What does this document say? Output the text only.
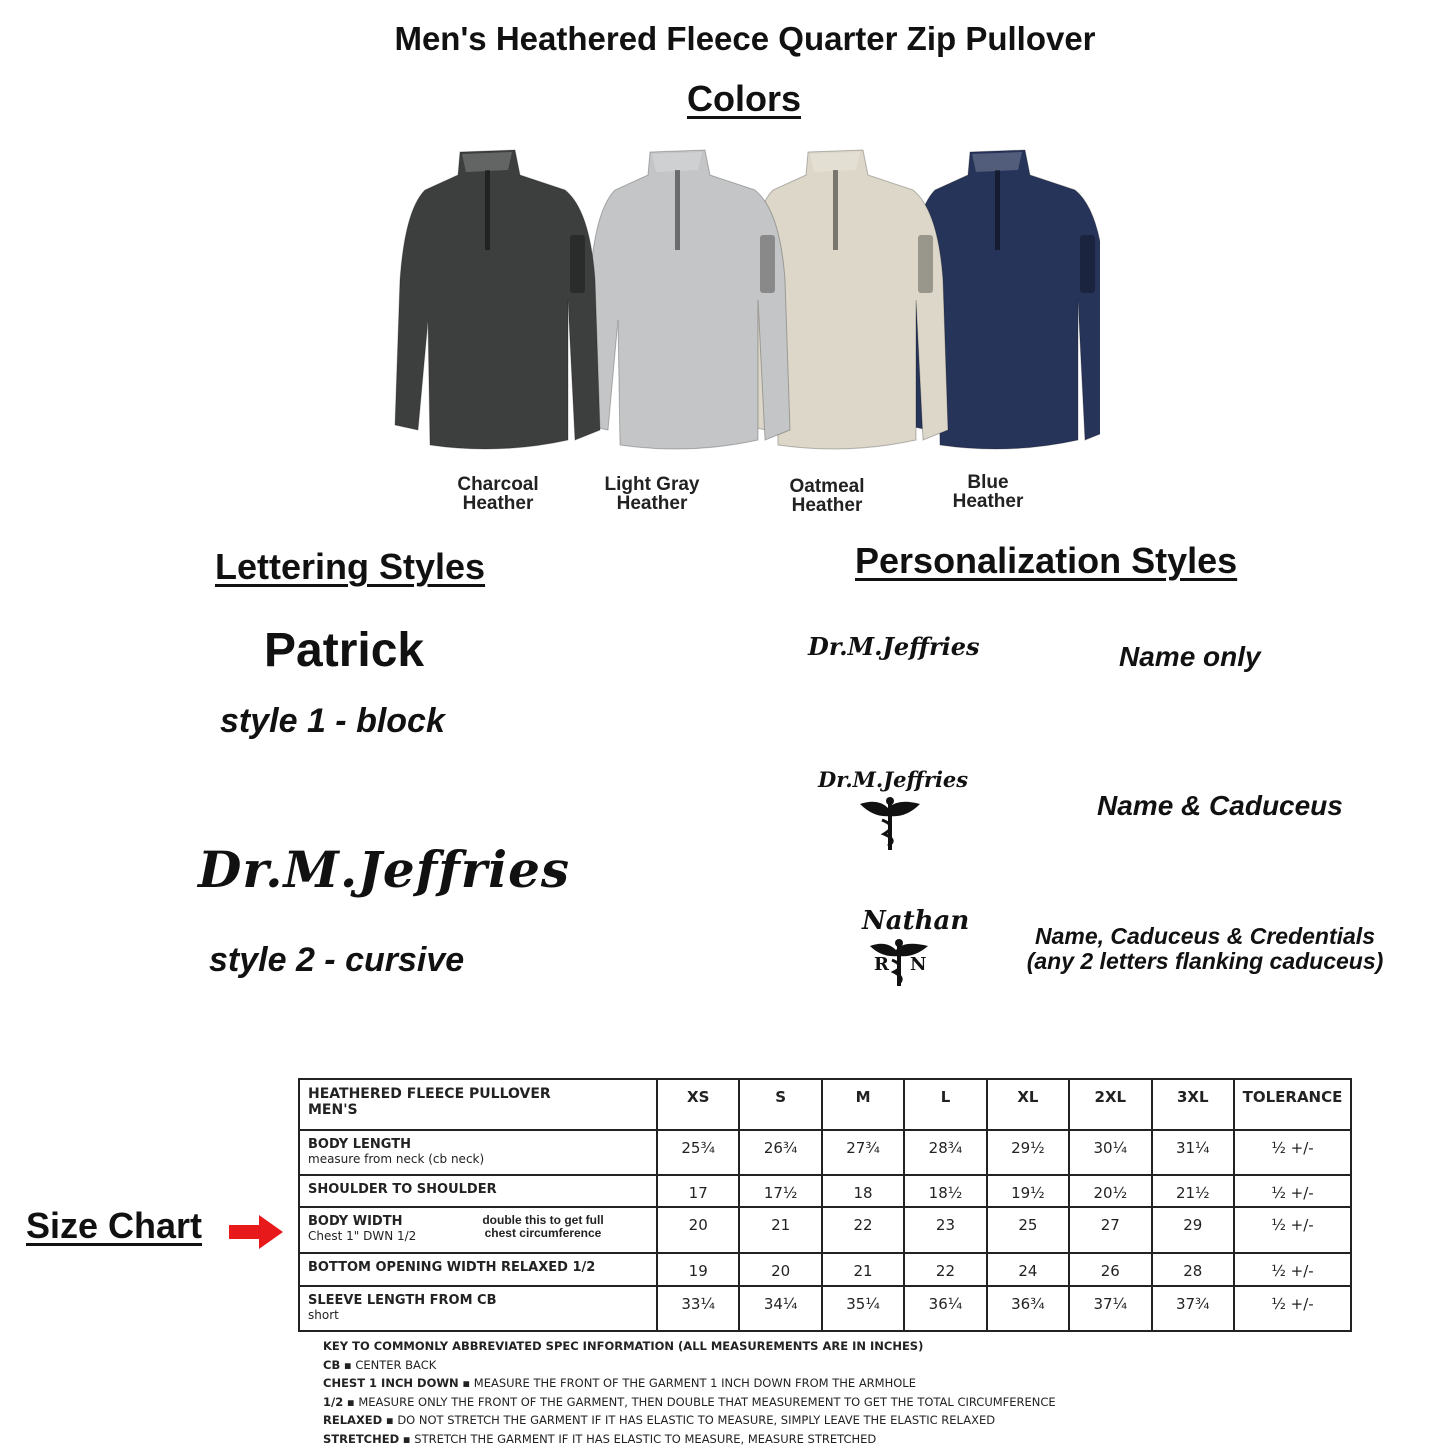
Men's Heathered Fleece Quarter Zip Pullover
Colors
Charcoal
Heather
Light Gray
Heather
Oatmeal
Heather
Blue
Heather
Lettering Styles
Patrick
style 1 - block
Dr.M.Jeffries
style 2 - cursive
Personalization Styles
Dr.M.Jeffries	Name only
Dr.M.Jeffries
Name & Caduceus
Nathan
R N
Name, Caduceus & Credentials
(any 2 letters flanking caduceus)
Size Chart
HEATHERED FLEECE PULLOVER
MEN'S	XS	S	M	L	XL	2XL	3XL	TOLERANCE

BODY LENGTH
measure from neck (cb neck)	25¾	26¾	27¾	28¾	29½	30¼	31¼	½ +/-

SHOULDER TO SHOULDER	17	17½	18	18½	19½	20½	21½	½ +/-

BODY WIDTH
Chest 1" DWN 1/2
double this to get full chest circumference	20	21	22	23	25	27	29	½ +/-

BOTTOM OPENING WIDTH RELAXED 1/2	19	20	21	22	24	26	28	½ +/-

SLEEVE LENGTH FROM CB
short	33¼	34¼	35¼	36¼	36¾	37¼	37¾	½ +/-
KEY TO COMMONLY ABBREVIATED SPEC INFORMATION (ALL MEASUREMENTS ARE IN INCHES)
CB ▪ CENTER BACK
CHEST 1 INCH DOWN ▪ MEASURE THE FRONT OF THE GARMENT 1 INCH DOWN FROM THE ARMHOLE
1/2 ▪ MEASURE ONLY THE FRONT OF THE GARMENT, THEN DOUBLE THAT MEASUREMENT TO GET THE TOTAL CIRCUMFERENCE
RELAXED ▪ DO NOT STRETCH THE GARMENT IF IT HAS ELASTIC TO MEASURE, SIMPLY LEAVE THE ELASTIC RELAXED
STRETCHED ▪ STRETCH THE GARMENT IF IT HAS ELASTIC TO MEASURE, MEASURE STRETCHED
